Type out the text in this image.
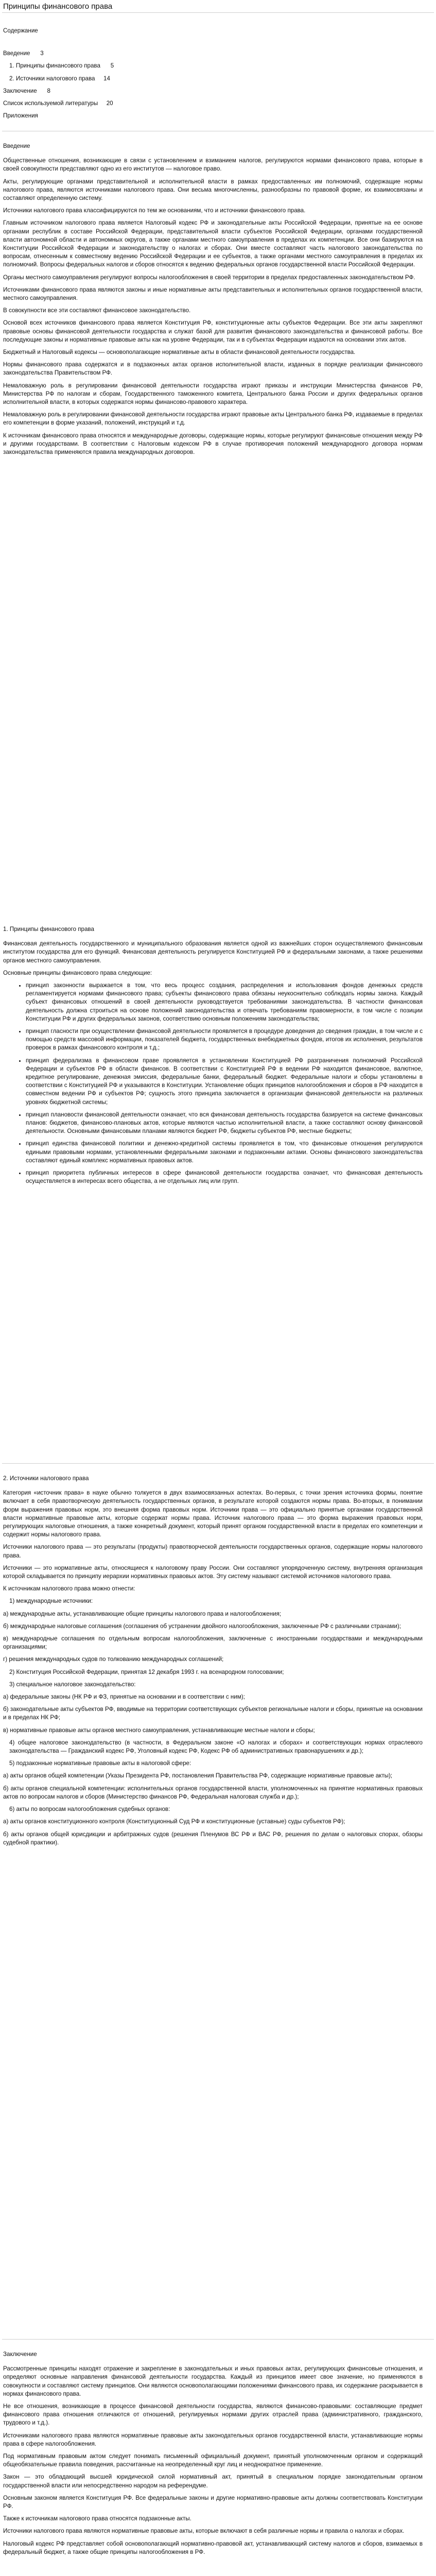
Принципы финансового права

Содержание

Введение 3

1. Принципы финансового права 5

2. Источники налогового права 14

Заключение 8

Список используемой литературы 20

Приложения

Введение

Общественные отношения, возникающие в связи с установлением и взиманием налогов, регулируются нормами финансового права, которые в своей совокупности представляют одно из его институтов — налоговое право.

Акты, регулирующие органами представительной и исполнительной власти в рамках предоставленных им полномочий, содержащие нормы налогового права, являются источниками налогового права. Они весьма многочисленны, разнообразны по правовой форме, их взаимосвязаны и составляют определенную систему.

Источники налогового права классифицируются по тем же основаниям, что и источники финансового права.

Главным источником налогового права является Налоговый кодекс РФ и законодательные акты Российской Федерации, принятые на ее основе органами республик в составе Российской Федерации, представительной власти субъектов Российской Федерации, органами государственной власти автономной области и автономных округов, а также органами местного самоуправления в пределах их компетенции. Все они базируются на Конституции Российской Федерации и законодательству о налогах и сборах. Они вместе составляют часть налогового законодательства по вопросам, отнесенным к совместному ведению Российской Федерации и ее субъектов, а также органами местного самоуправления в пределах их полномочий. Вопросы федеральных налогов и сборов относятся к ведению федеральных органов государственной власти Российской Федерации.

Органы местного самоуправления регулируют вопросы налогообложения в своей территории в пределах предоставленных законодательством РФ.

Источниками финансового права являются законы и иные нормативные акты представительных и исполнительных органов государственной власти, местного самоуправления.

В совокупности все эти составляют финансовое законодательство.

Основой всех источников финансового права является Конституция РФ, конституционные акты субъектов Федерации. Все эти акты закрепляют правовые основы финансовой деятельности государства и служат базой для развития финансового законодательства и финансовой работы. Все последующие законы и нормативные правовые акты как на уровне Федерации, так и в субъектах Федерации издаются на основании этих актов.

Бюджетный и Налоговый кодексы — основополагающие нормативные акты в области финансовой деятельности государства.

Нормы финансового права содержатся и в подзаконных актах органов исполнительной власти, изданных в порядке реализации финансового законодательства Правительством РФ.

Немаловажную роль в регулировании финансовой деятельности государства играют приказы и инструкции Министерства финансов РФ, Министерства РФ по налогам и сборам, Государственного таможенного комитета, Центрального банка России и других федеральных органов исполнительной власти, в которых содержатся нормы финансово-правового характера.

Немаловажную роль в регулировании финансовой деятельности государства играют правовые акты Центрального банка РФ, издаваемые в пределах его компетенции в форме указаний, положений, инструкций и т.д.

К источникам финансового права относятся и международные договоры, содержащие нормы, которые регулируют финансовые отношения между РФ и другими государствами. В соответствии с Налоговым кодексом РФ в случае противоречия положений международного договора нормам законодательства применяются правила международных договоров.

1. Принципы финансового права

Финансовая деятельность государственного и муниципального образования является одной из важнейших сторон осуществляемого финансовым институтом государства для его функций. Финансовая деятельность регулируется Конституцией РФ и федеральными законами, а также решениями органов местного самоуправления.

Основные принципы финансового права следующие:

• принцип законности выражается в том, что весь процесс создания, распределения и использования фондов денежных средств регламентируется нормами финансового права; субъекты финансового права обязаны неукоснительно соблюдать нормы закона. Каждый субъект финансовых отношений в своей деятельности руководствуется требованиями законодательства. В частности финансовая деятельность должна строиться на основе положений законодательства и отвечать требованиям правомерности, в том числе с позиции Конституции РФ и других федеральных законов, соответствию основным положениям законодательства;
• принцип гласности при осуществлении финансовой деятельности проявляется в процедуре доведения до сведения граждан, в том числе и с помощью средств массовой информации, показателей бюджета, государственных внебюджетных фондов, итогов их исполнения, результатов проверок в рамках финансового контроля и т.д.;
• принцип федерализма в финансовом праве проявляется в установлении Конституцией РФ разграничения полномочий Российской Федерации и субъектов РФ в области финансов. В соответствии с Конституцией РФ в ведении РФ находится финансовое, валютное, кредитное регулирование, денежная эмиссия, федеральные банки, федеральный бюджет. Федеральные налоги и сборы установлены в соответствии с Конституцией РФ и указываются в Конституции. Установление общих принципов налогообложения и сборов в РФ находится в совместном ведении РФ и субъектов РФ; сущность этого принципа заключается в организации финансовой деятельности на различных уровнях бюджетной системы;
• принцип плановости финансовой деятельности означает, что вся финансовая деятельность государства базируется на системе финансовых планов: бюджетов, финансово-плановых актов, которые являются частью исполнительной власти, а также составляют основу финансовой деятельности. Основными финансовыми планами являются бюджет РФ, бюджеты субъектов РФ, местные бюджеты;
• принцип единства финансовой политики и денежно-кредитной системы проявляется в том, что финансовые отношения регулируются едиными правовыми нормами, установленными федеральными законами и подзаконными актами. Основы финансового законодательства составляют единый комплекс нормативных правовых актов.
• принцип приоритета публичных интересов в сфере финансовой деятельности государства означает, что финансовая деятельность осуществляется в интересах всего общества, а не отдельных лиц или групп.

2. Источники налогового права

Категория «источник права» в науке обычно толкуется в двух взаимосвязанных аспектах. Во-первых, с точки зрения источника формы, понятие включает в себя правотворческую деятельность государственных органов, в результате которой создаются нормы права. Во-вторых, в понимании форм выражения правовых норм, это внешняя форма правовых норм. Источники права — это официально принятые органами государственной власти нормативные правовые акты, которые содержат нормы права. Источник налогового права — это форма выражения правовых норм, регулирующих налоговые отношения, а также конкретный документ, который принят органом государственной власти в пределах его компетенции и содержит нормы налогового права.

Источники налогового права — это результаты (продукты) правотворческой деятельности государственных органов, содержащие нормы налогового права.

Источники — это нормативные акты, относящиеся к налоговому праву России. Они составляют упорядоченную систему, внутренняя организация которой складывается по принципу иерархии нормативных правовых актов. Эту систему называют системой источников налогового права.

К источникам налогового права можно отнести:

1) международные источники:

а) международные акты, устанавливающие общие принципы налогового права и налогообложения;

б) международные налоговые соглашения (соглашения об устранении двойного налогообложения, заключенные РФ с различными странами);

в) международные соглашения по отдельным вопросам налогообложения, заключенные с иностранными государствами и международными организациями;

г) решения международных судов по толкованию международных соглашений;

2) Конституция Российской Федерации, принятая 12 декабря 1993 г. на всенародном голосовании;

3) специальное налоговое законодательство:

а) федеральные законы (НК РФ и ФЗ, принятые на основании и в соответствии с ним);

б) законодательные акты субъектов РФ, вводимые на территории соответствующих субъектов региональные налоги и сборы, принятые на основании и в пределах НК РФ;

в) нормативные правовые акты органов местного самоуправления, устанавливающие местные налоги и сборы;

4) общее налоговое законодательство (в частности, в Федеральном законе «О налогах и сборах» и соответствующих нормах отраслевого законодательства — Гражданский кодекс РФ, Уголовный кодекс РФ, Кодекс РФ об административных правонарушениях и др.);

5) подзаконные нормативные правовые акты в налоговой сфере:

а) акты органов общей компетенции (Указы Президента РФ, постановления Правительства РФ, содержащие нормативные правовые акты);

б) акты органов специальной компетенции: исполнительных органов государственной власти, уполномоченных на принятие нормативных правовых актов по вопросам налогов и сборов (Министерство финансов РФ, Федеральная налоговая служба и др.);

6) акты по вопросам налогообложения судебных органов:

а) акты органов конституционного контроля (Конституционный Суд РФ и конституционные (уставные) суды субъектов РФ);

б) акты органов общей юрисдикции и арбитражных судов (решения Пленумов ВС РФ и ВАС РФ, решения по делам о налоговых спорах, обзоры судебной практики).

Заключение

Рассмотренные принципы находят отражение и закрепление в законодательных и иных правовых актах, регулирующих финансовые отношения, и определяют основные направления финансовой деятельности государства. Каждый из принципов имеет свое значение, но применяются в совокупности и составляют систему принципов. Они являются основополагающими положениями финансового права, их содержание раскрывается в нормах финансового права.

Не все отношения, возникающие в процессе финансовой деятельности государства, являются финансово-правовыми: составляющие предмет финансового права отношения отличаются от отношений, регулируемых нормами других отраслей права (административного, гражданского, трудового и т.д.).

Источниками налогового права являются нормативные правовые акты законодательных органов государственной власти, устанавливающие нормы права в сфере налогообложения.

Под нормативным правовым актом следует понимать письменный официальный документ, принятый уполномоченным органом и содержащий общеобязательные правила поведения, рассчитанные на неопределенный круг лиц и неоднократное применение.

Закон — это обладающий высшей юридической силой нормативный акт, принятый в специальном порядке законодательным органом государственной власти или непосредственно народом на референдуме.

Основным законом является Конституция РФ. Все федеральные законы и другие нормативно-правовые акты должны соответствовать Конституции РФ.

Также к источникам налогового права относятся подзаконные акты.

Источники налогового права являются нормативные правовые акты, которые включают в себя различные нормы и правила о налогах и сборах.

Налоговый кодекс РФ представляет собой основополагающий нормативно-правовой акт, устанавливающий систему налогов и сборов, взимаемых в федеральный бюджет, а также общие принципы налогообложения в РФ.
